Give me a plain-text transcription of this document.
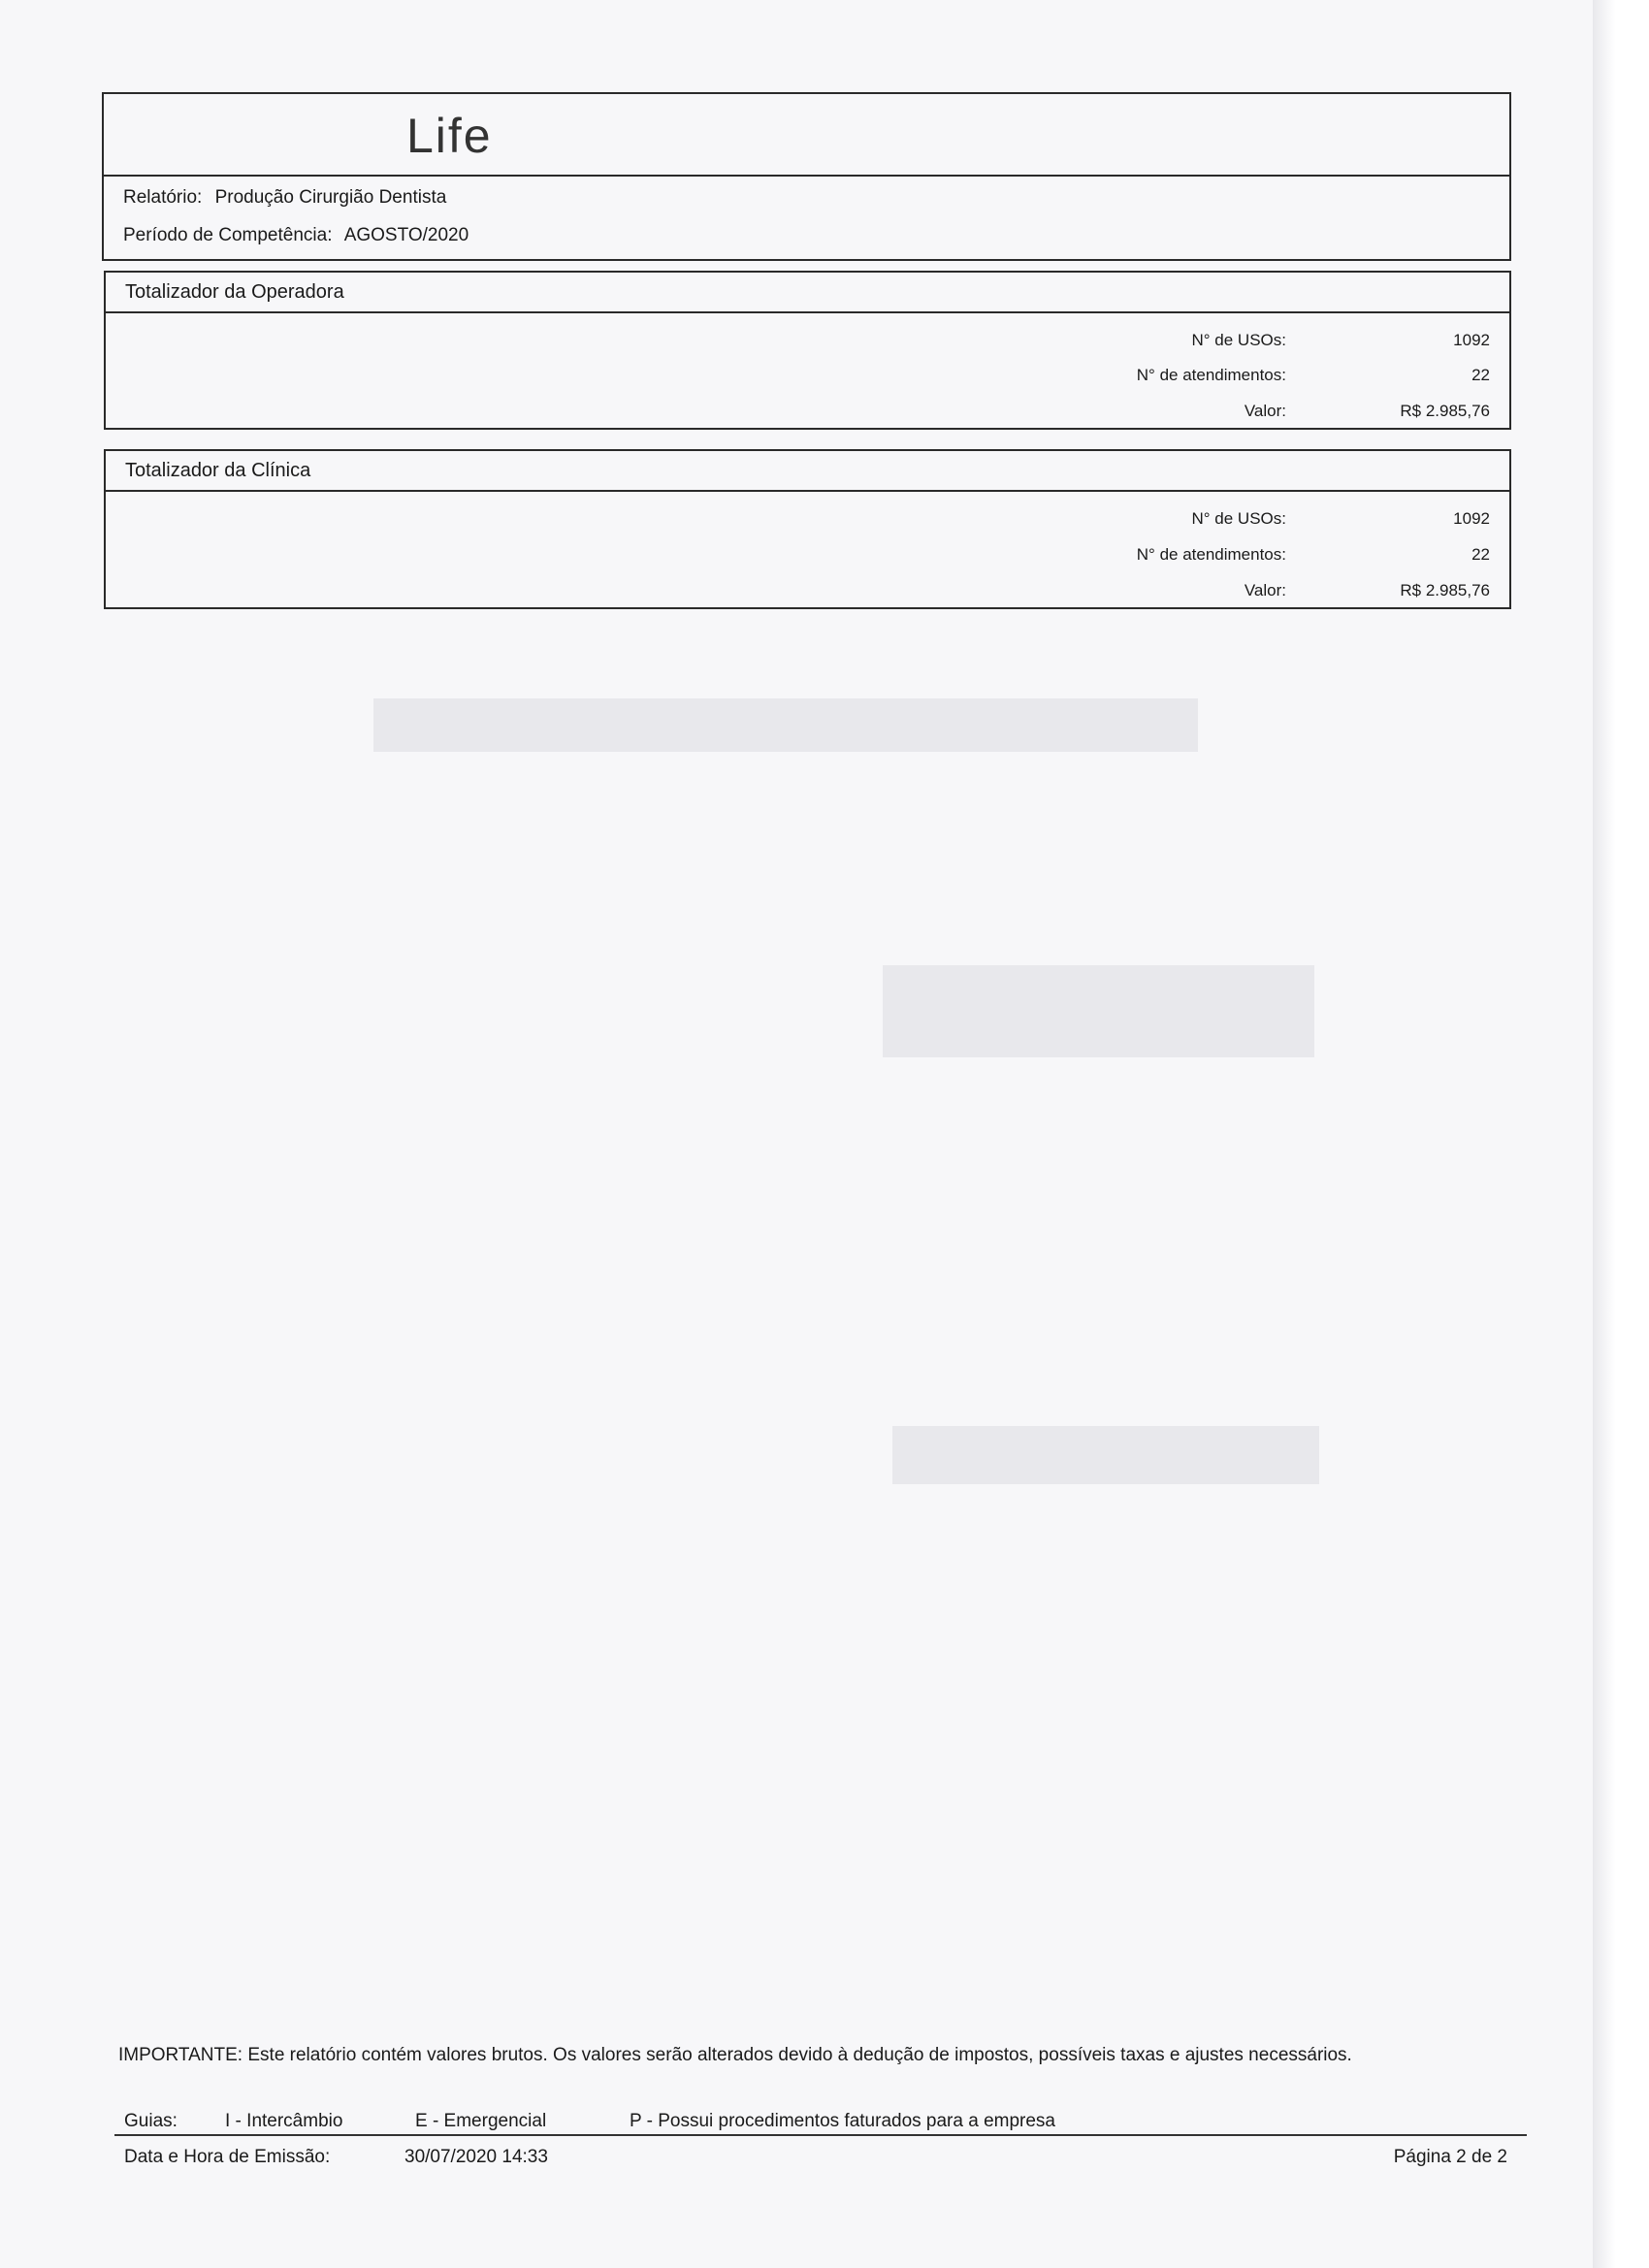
Life
Relatório: Produção Cirurgião Dentista
Período de Competência: AGOSTO/2020
Totalizador da Operadora
N° de USOs:	1092
N° de atendimentos:	22
Valor:	R$ 2.985,76
Totalizador da Clínica
N° de USOs:	1092
N° de atendimentos:	22
Valor:	R$ 2.985,76
IMPORTANTE: Este relatório contém valores brutos. Os valores serão alterados devido à dedução de impostos, possíveis taxas e ajustes necessários.
Guias:	I - Intercâmbio	E - Emergencial	P - Possui procedimentos faturados para a empresa
Data e Hora de Emissão:	30/07/2020 14:33	Página 2 de 2
